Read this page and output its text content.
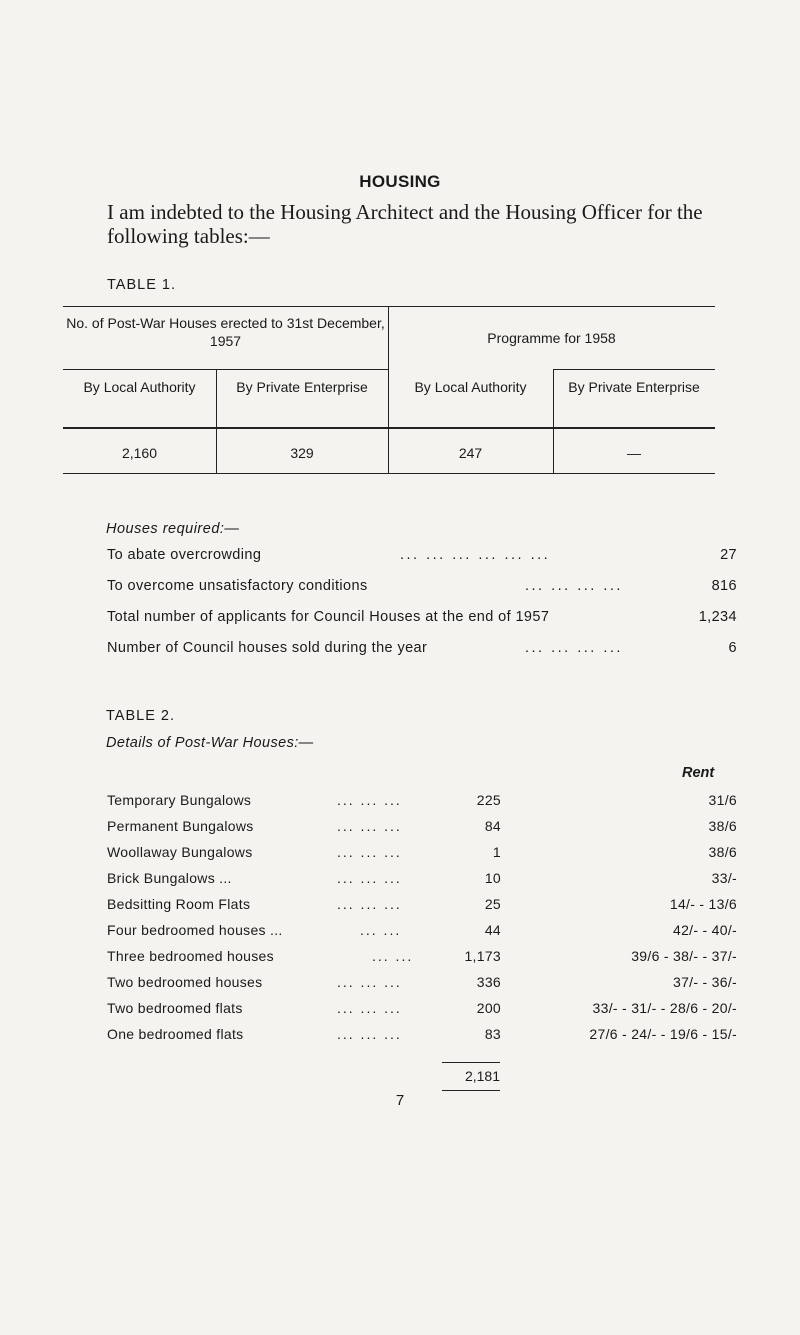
HOUSING
I am indebted to the Housing Architect and the Housing Officer for the following tables:—
TABLE 1.
No. of Post-War Houses erected to 31st December, 1957	Programme for 1958
By Local Authority	By Private Enterprise	By Local Authority	By Private Enterprise
2,160	329	247	—
Houses required:—
To abate overcrowding	... ... ... ... ... ...	27
To overcome unsatisfactory conditions	... ... ... ...	816
Total number of applicants for Council Houses at the end of 1957	1,234
Number of Council houses sold during the year	... ... ... ...	6
TABLE 2.
Details of Post-War Houses:—
Rent
Temporary Bungalows	... ... ...	225	31/6
Permanent Bungalows	... ... ...	84	38/6
Woollaway Bungalows	... ... ...	1	38/6
Brick Bungalows ...	... ... ...	10	33/-
Bedsitting Room Flats	... ... ...	25	14/- - 13/6
Four bedroomed houses ...	... ...	44	42/- - 40/-
Three bedroomed houses	... ...	1,173	39/6 - 38/- - 37/-
Two bedroomed houses	... ... ...	336	37/- - 36/-
Two bedroomed flats	... ... ...	200	33/- - 31/- - 28/6 - 20/-
One bedroomed flats	... ... ...	83	27/6 - 24/- - 19/6 - 15/-
2,181
7
